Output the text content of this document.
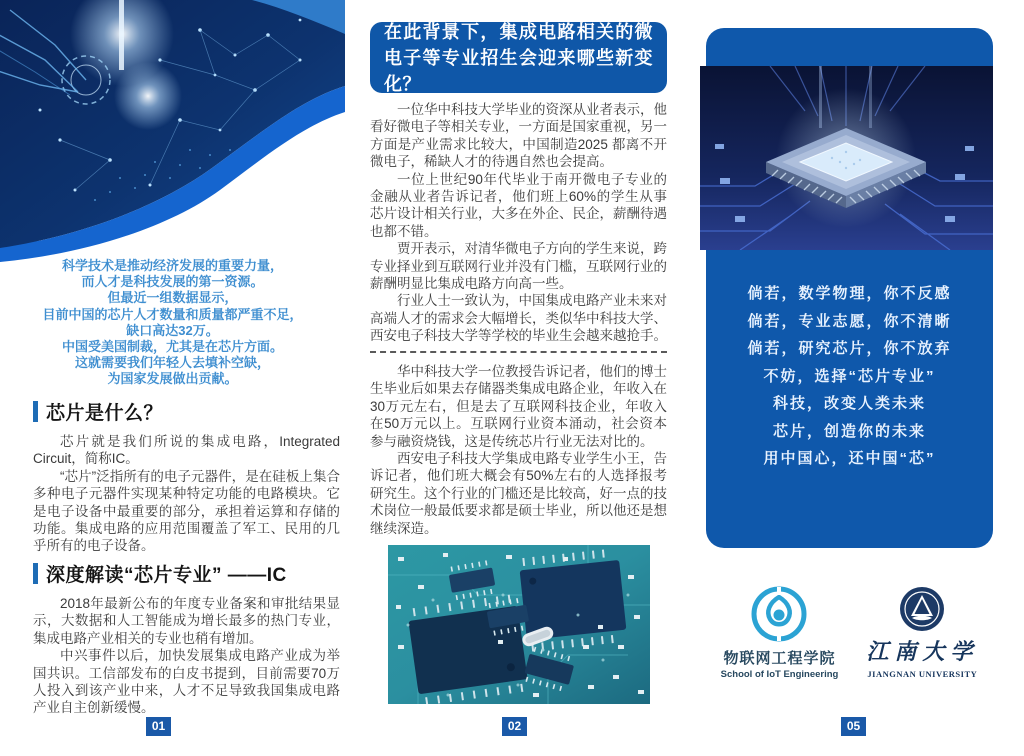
科学技术是推动经济发展的重要力量，
而人才是科技发展的第一资源。
但最近一组数据显示，
目前中国的芯片人才数量和质量都严重不足，
缺口高达32万。
中国受美国制裁，尤其是在芯片方面。
这就需要我们年轻人去填补空缺，
为国家发展做出贡献。
芯片是什么？

芯片就是我们所说的集成电路，Integrated Circuit，简称IC。

“芯片”泛指所有的电子元器件，是在硅板上集合多种电子元器件实现某种特定功能的电路模块。它是电子设备中最重要的部分，承担着运算和存储的功能。集成电路的应用范围覆盖了军工、民用的几乎所有的电子设备。

深度解读“芯片专业” ——IC

2018年最新公布的年度专业备案和审批结果显示，大数据和人工智能成为增长最多的热门专业，集成电路产业相关的专业也稍有增加。

中兴事件以后，加快发展集成电路产业成为举国共识。工信部发布的白皮书提到，目前需要70万人投入到该产业中来，人才不足导致我国集成电路产业自主创新缓慢。

在此背景下，集成电路相关的微电子等专业招生会迎来哪些新变化？

一位华中科技大学毕业的资深从业者表示，他看好微电子等相关专业，一方面是国家重视，另一方面是产业需求比较大，中国制造2025 都离不开微电子，稀缺人才的待遇自然也会提高。

一位上世纪90年代毕业于南开微电子专业的金融从业者告诉记者，他们班上60%的学生从事芯片设计相关行业，大多在外企、民企，薪酬待遇也都不错。

贾开表示，对清华微电子方向的学生来说，跨专业择业到互联网行业并没有门槛，互联网行业的薪酬明显比集成电路方向高一些。

行业人士一致认为，中国集成电路产业未来对高端人才的需求会大幅增长，类似华中科技大学、西安电子科技大学等学校的毕业生会越来越抢手。

华中科技大学一位教授告诉记者，他们的博士生毕业后如果去存储器类集成电路企业，年收入在30万元左右，但是去了互联网科技企业，年收入在50万元以上。互联网行业资本涌动，社会资本参与融资烧钱，这是传统芯片行业无法对比的。

西安电子科技大学集成电路专业学生小王，告诉记者，他们班大概会有50%左右的人选择报考研究生。这个行业的门槛还是比较高，好一点的技术岗位一般最低要求都是硕士毕业，所以他还是想继续深造。

倘若，数学物理，你不反感
倘若，专业志愿，你不清晰
倘若，研究芯片，你不放弃
不妨，选择“芯片专业”
科技，改变人类未来
芯片，创造你的未来
用中国心，还中国“芯”
物联网工程学院
School of IoT Engineering
江南大学
JIANGNAN UNIVERSITY
01	02	05
